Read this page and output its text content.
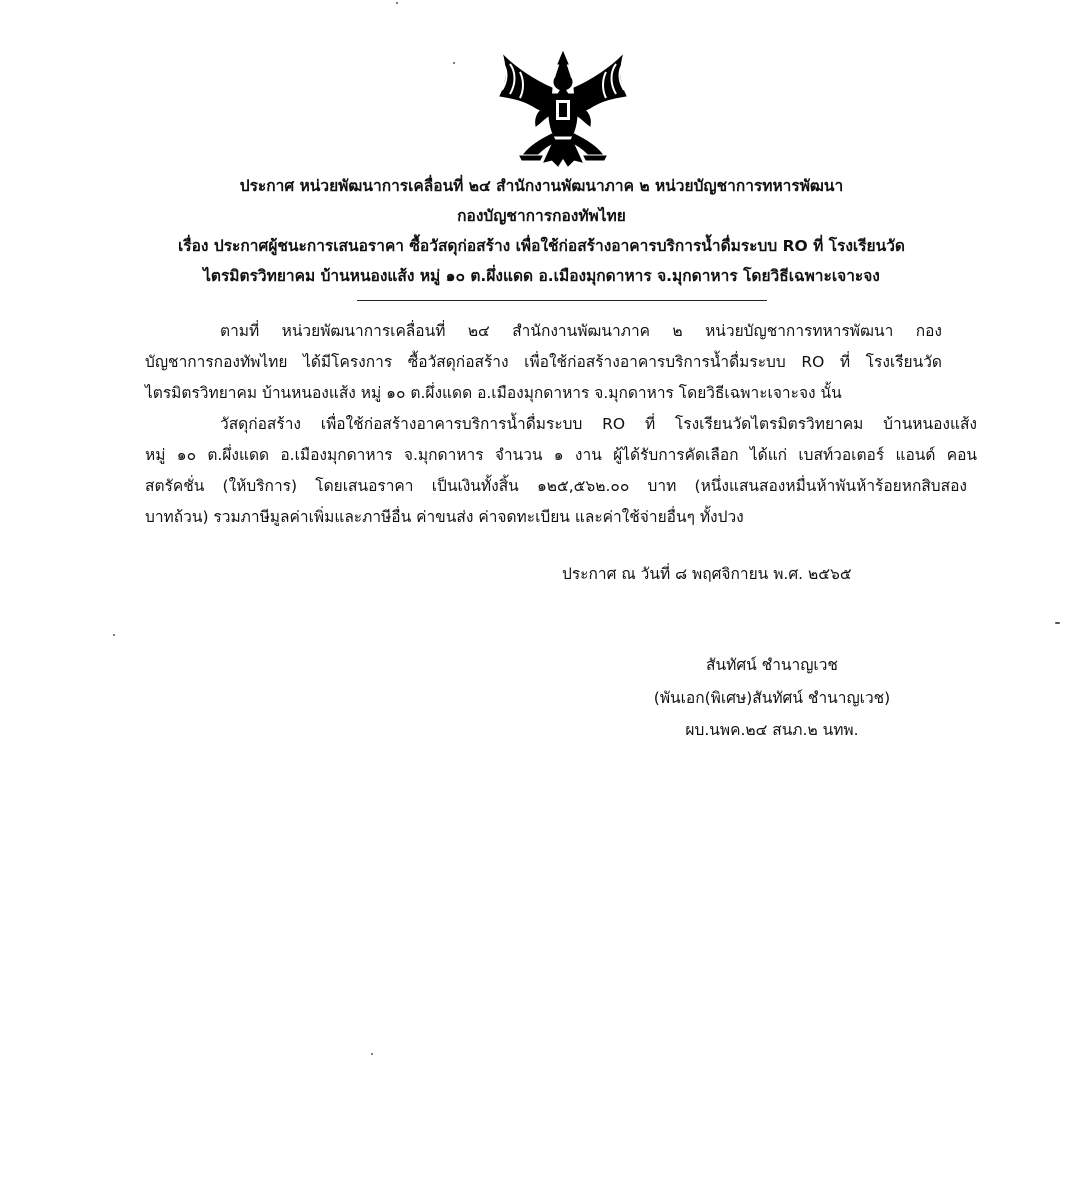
ประกาศ หน่วยพัฒนาการเคลื่อนที่ ๒๔ สำนักงานพัฒนาภาค ๒ หน่วยบัญชาการทหารพัฒนา
กองบัญชาการกองทัพไทย
เรื่อง ประกาศผู้ชนะการเสนอราคา ซื้อวัสดุก่อสร้าง เพื่อใช้ก่อสร้างอาคารบริการน้ำดื่มระบบ RO ที่ โรงเรียนวัด
ไตรมิตรวิทยาคม บ้านหนองแส้ง หมู่ ๑๐ ต.ผึ่งแดด อ.เมืองมุกดาหาร จ.มุกดาหาร โดยวิธีเฉพาะเจาะจง
ตามที่ หน่วยพัฒนาการเคลื่อนที่ ๒๔ สำนักงานพัฒนาภาค ๒ หน่วยบัญชาการทหารพัฒนา กอง
บัญชาการกองทัพไทย ได้มีโครงการ ซื้อวัสดุก่อสร้าง เพื่อใช้ก่อสร้างอาคารบริการน้ำดื่มระบบ RO ที่ โรงเรียนวัด
ไตรมิตรวิทยาคม บ้านหนองแส้ง หมู่ ๑๐ ต.ผึ่งแดด อ.เมืองมุกดาหาร จ.มุกดาหาร โดยวิธีเฉพาะเจาะจง นั้น
วัสดุก่อสร้าง เพื่อใช้ก่อสร้างอาคารบริการน้ำดื่มระบบ RO ที่ โรงเรียนวัดไตรมิตรวิทยาคม บ้านหนองแส้ง
หมู่ ๑๐ ต.ผึ่งแดด อ.เมืองมุกดาหาร จ.มุกดาหาร จำนวน ๑ งาน ผู้ได้รับการคัดเลือก ได้แก่ เบสท์วอเตอร์ แอนด์ คอน
สตรัคชั่น (ให้บริการ) โดยเสนอราคา เป็นเงินทั้งสิ้น ๑๒๕,๕๖๒.๐๐ บาท (หนึ่งแสนสองหมื่นห้าพันห้าร้อยหกสิบสอง
บาทถ้วน) รวมภาษีมูลค่าเพิ่มและภาษีอื่น ค่าขนส่ง ค่าจดทะเบียน และค่าใช้จ่ายอื่นๆ ทั้งปวง
ประกาศ ณ วันที่ ๘ พฤศจิกายน พ.ศ. ๒๕๖๕
สันทัศน์ ชำนาญเวช
(พันเอก(พิเศษ)สันทัศน์ ชำนาญเวช)
ผบ.นพค.๒๔ สนภ.๒ นทพ.
